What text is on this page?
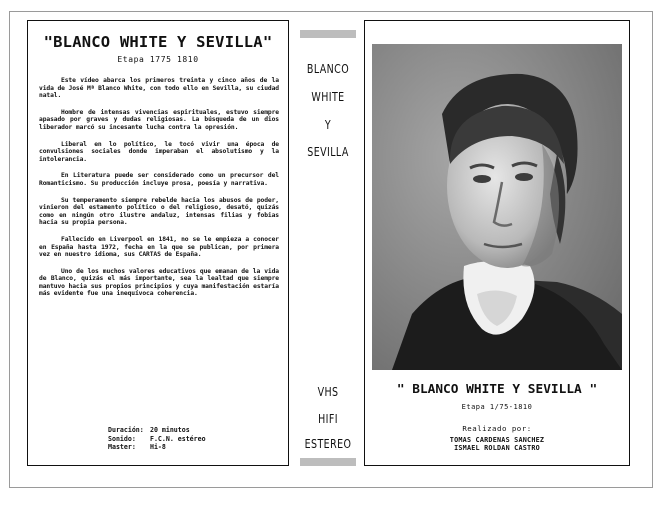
"BLANCO WHITE Y SEVILLA"
Etapa 1775 1810

Este vídeo abarca los primeros treinta y cinco años de la vida de José Mª Blanco White, con todo ello en Sevilla, su ciudad natal.

Hombre de intensas vivencias espirituales, estuvo siempre apasado por graves y dudas religiosas. La búsqueda de un dios liberador marcó su incesante lucha contra la opresión.

Liberal en lo político, le tocó vivir una época de convulsiones sociales donde imperaban el absolutismo y la intolerancia.

En Literatura puede ser considerado como un precursor del Romanticismo. Su producción incluye prosa, poesía y narrativa.

Su temperamento siempre rebelde hacia los abusos de poder, vinieron del estamento político o del religioso, desató, quizás como en ningún otro ilustre andaluz, intensas filias y fobias hacia su propia persona.

Fallecido en Liverpool en 1841, no se le empieza a conocer en España hasta 1972, fecha en la que se publican, por primera vez en nuestro idioma, sus CARTAS de España.

Uno de los muchos valores educativos que emanan de la vida de Blanco, quizás el más importante, sea la lealtad que siempre mantuvo hacia sus propios principios y cuya manifestación estaría más evidente fue una inequívoca coherencia.

Duración: 20 minutos
Sonido: F.C.N. estéreo
Master: Hi-8
BLANCO
WHITE
Y
SEVILLA
VHS
HIFI
ESTEREO
" BLANCO WHITE Y SEVILLA "
Etapa 1/75-1810
Realizado por:
TOMAS CARDENAS SANCHEZ
ISMAEL ROLDAN CASTRO
